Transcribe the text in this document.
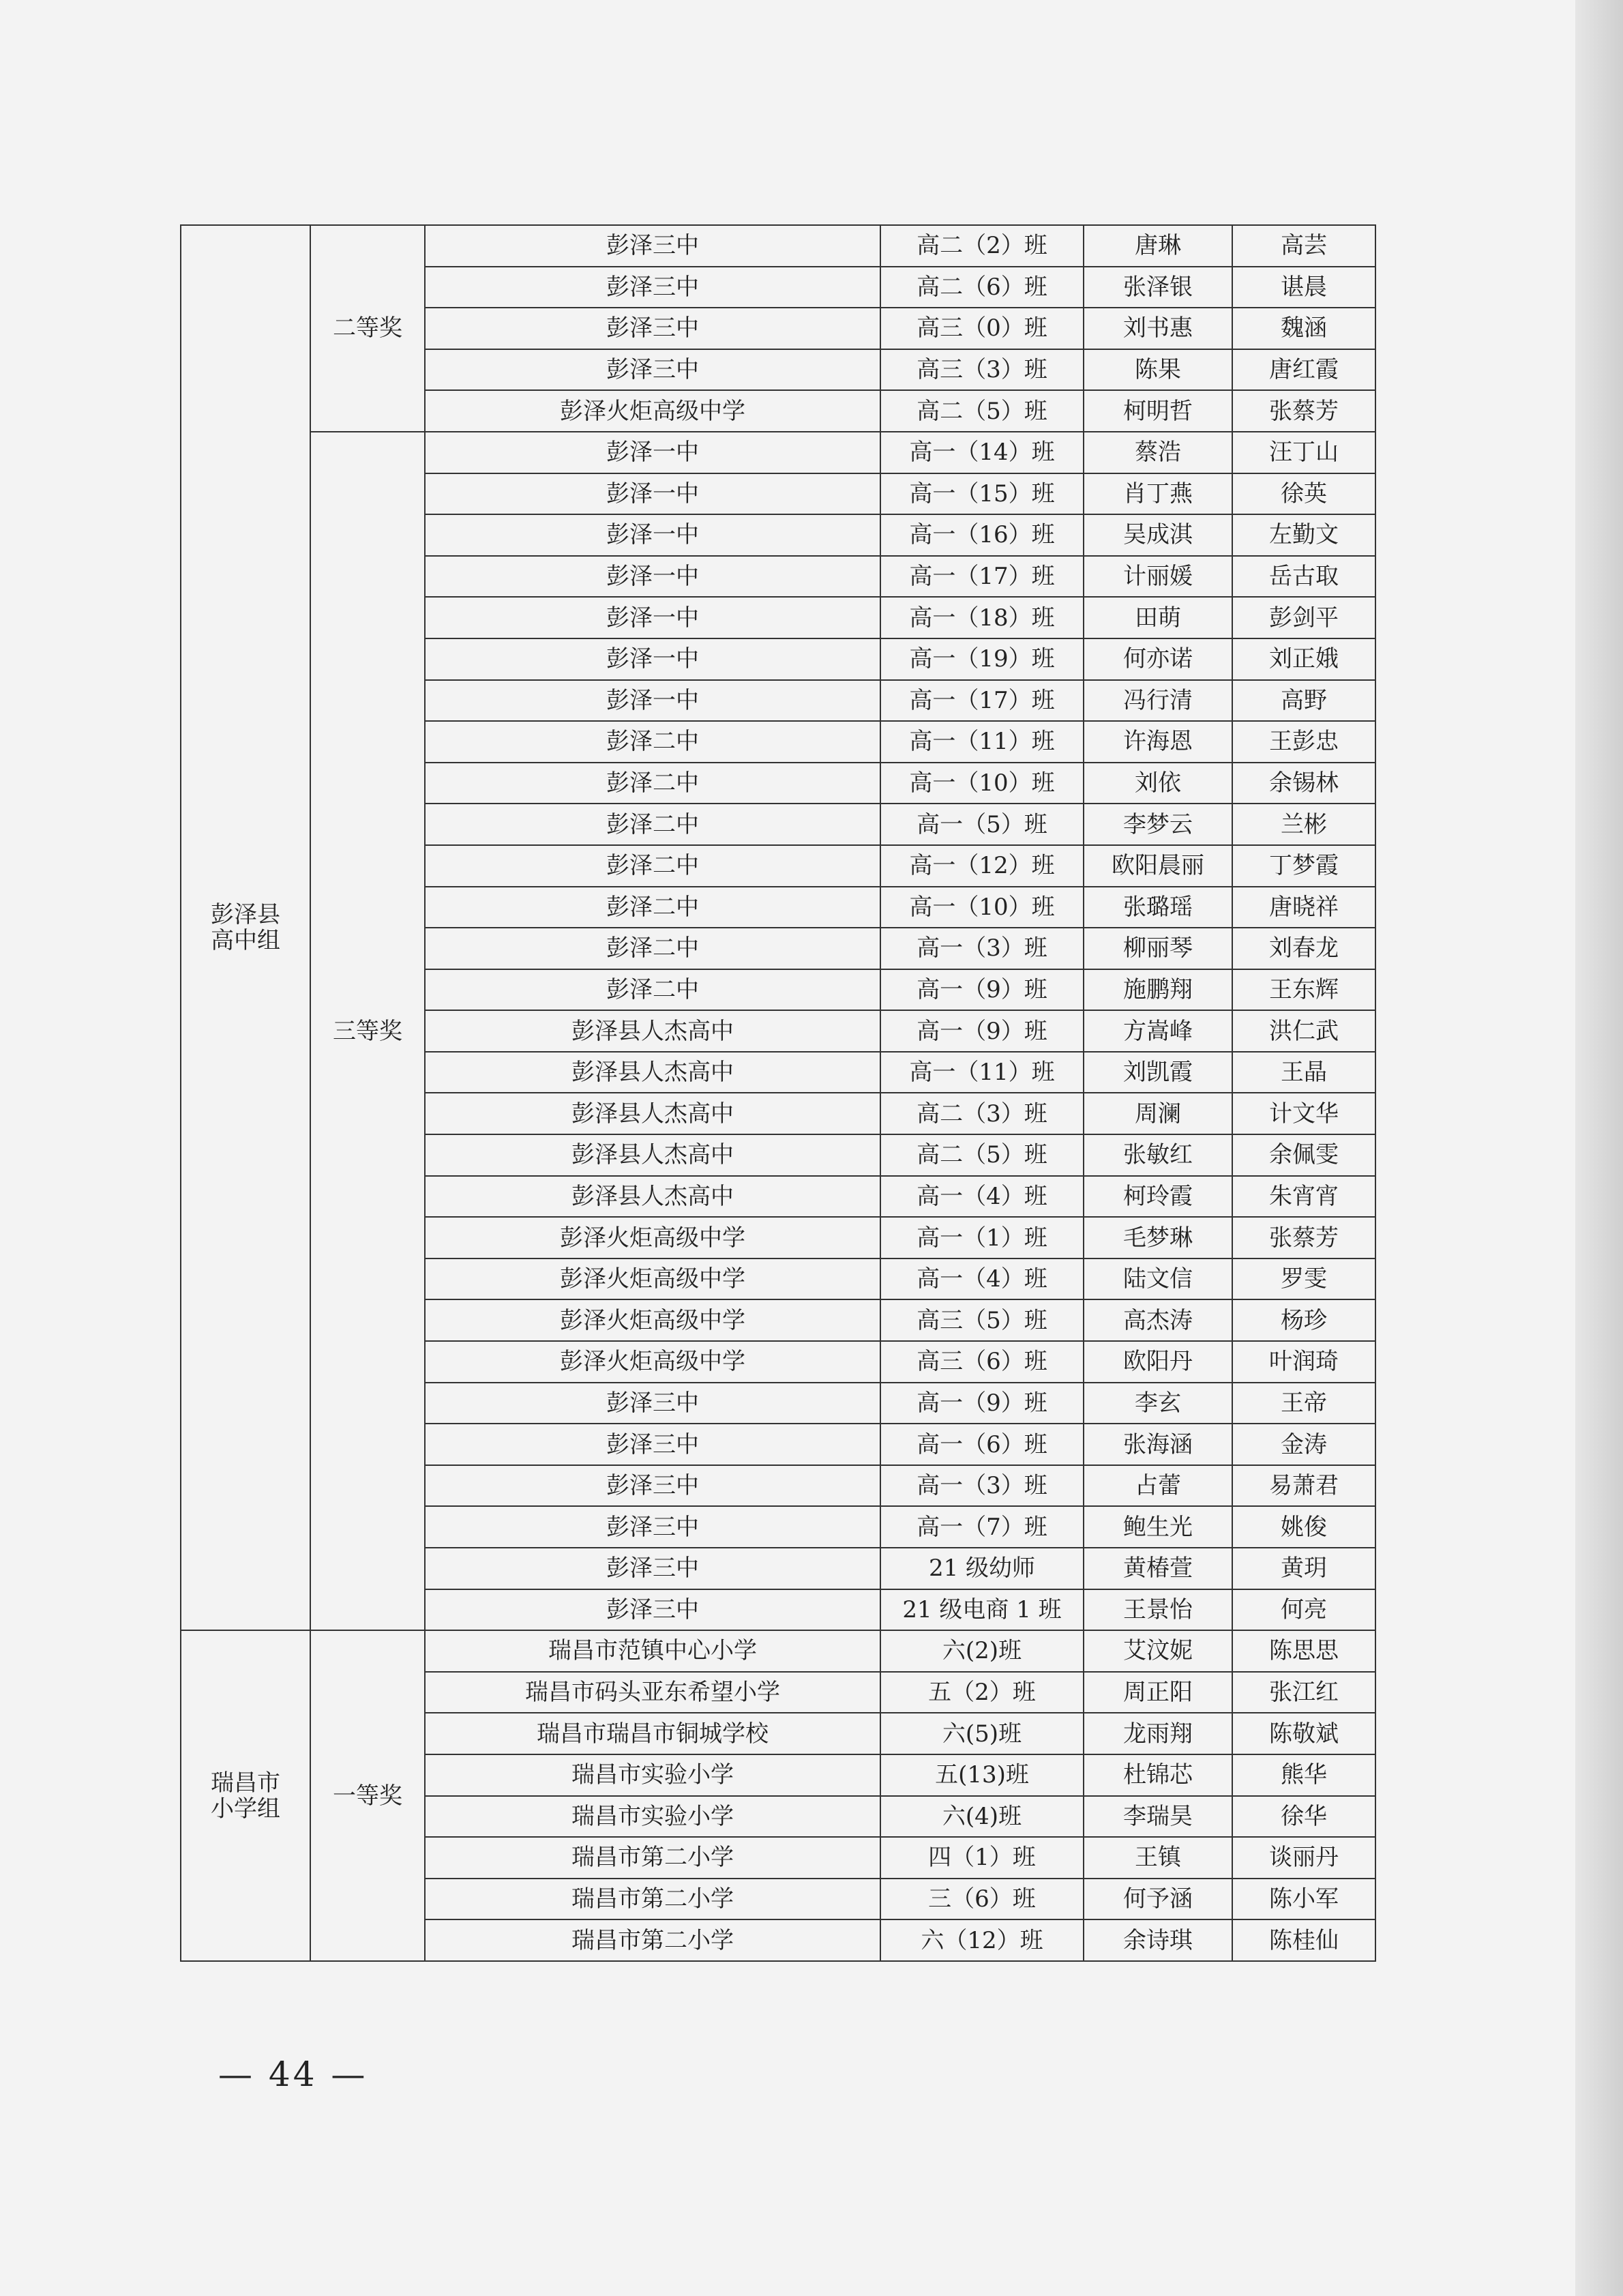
彭泽县
高中组	二等奖	彭泽三中	高二（2）班	唐琳	高芸
		彭泽三中	高二（6）班	张泽银	谌晨
		彭泽三中	高三（0）班	刘书惠	魏涵
		彭泽三中	高三（3）班	陈果	唐红霞
		彭泽火炬高级中学	高二（5）班	柯明哲	张蔡芳
	三等奖	彭泽一中	高一（14）班	蔡浩	汪丁山
		彭泽一中	高一（15）班	肖丁燕	徐英
		彭泽一中	高一（16）班	吴成淇	左勤文
		彭泽一中	高一（17）班	计丽媛	岳古取
		彭泽一中	高一（18）班	田萌	彭剑平
		彭泽一中	高一（19）班	何亦诺	刘正娥
		彭泽一中	高一（17）班	冯行清	高野
		彭泽二中	高一（11）班	许海恩	王彭忠
		彭泽二中	高一（10）班	刘依	余锡林
		彭泽二中	高一（5）班	李梦云	兰彬
		彭泽二中	高一（12）班	欧阳晨丽	丁梦霞
		彭泽二中	高一（10）班	张璐瑶	唐晓祥
		彭泽二中	高一（3）班	柳丽琴	刘春龙
		彭泽二中	高一（9）班	施鹏翔	王东辉
		彭泽县人杰高中	高一（9）班	方嵩峰	洪仁武
		彭泽县人杰高中	高一（11）班	刘凯霞	王晶
		彭泽县人杰高中	高二（3）班	周澜	计文华
		彭泽县人杰高中	高二（5）班	张敏红	余佩雯
		彭泽县人杰高中	高一（4）班	柯玲霞	朱宵宵
		彭泽火炬高级中学	高一（1）班	毛梦琳	张蔡芳
		彭泽火炬高级中学	高一（4）班	陆文信	罗雯
		彭泽火炬高级中学	高三（5）班	高杰涛	杨珍
		彭泽火炬高级中学	高三（6）班	欧阳丹	叶润琦
		彭泽三中	高一（9）班	李玄	王帝
		彭泽三中	高一（6）班	张海涵	金涛
		彭泽三中	高一（3）班	占蕾	易萧君
		彭泽三中	高一（7）班	鲍生光	姚俊
		彭泽三中	21 级幼师	黄椿萱	黄玥
		彭泽三中	21 级电商 1 班	王景怡	何亮
瑞昌市
小学组	一等奖	瑞昌市范镇中心小学	六(2)班	艾汶妮	陈思思
		瑞昌市码头亚东希望小学	五（2）班	周正阳	张江红
		瑞昌市瑞昌市铜城学校	六(5)班	龙雨翔	陈敬斌
		瑞昌市实验小学	五(13)班	杜锦芯	熊华
		瑞昌市实验小学	六(4)班	李瑞昊	徐华
		瑞昌市第二小学	四（1）班	王镇	谈丽丹
		瑞昌市第二小学	三（6）班	何予涵	陈小军
		瑞昌市第二小学	六（12）班	余诗琪	陈桂仙
— 44 —
